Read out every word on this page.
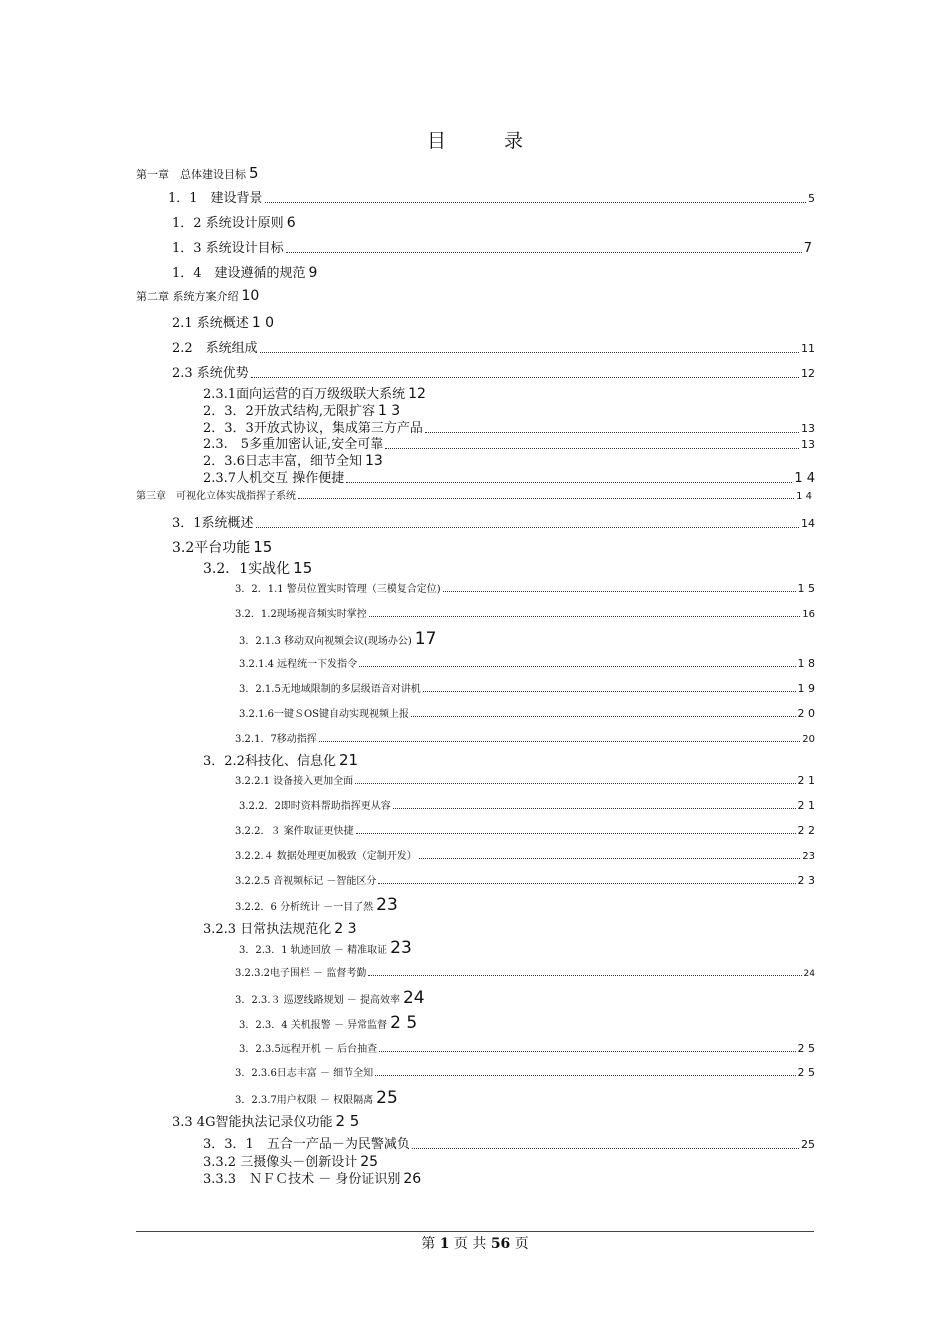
目 录
第一章　总体建设目标 5
1．1　建设背景	5
1．2 系统设计原则 6
1．3 系统设计目标	7
1．4　建设遵循的规范 9
第二章 系统方案介绍 10
2.1 系统概述 1 0
2.2　系统组成	11
2.3 系统优势	12
2.3.1面向运营的百万级级联大系统 12
2．3．2开放式结构,无限扩容 1 3
2．3．3开放式协议，集成第三方产品	13
2.3.　5多重加密认证,安全可靠	13
2．3.6日志丰富，细节全知 13
2.3.7人机交互 操作便捷	1 4
第三章　可视化立体实战指挥子系统	1 4
3．1系统概述	14
3.2平台功能 15
3.2．1实战化 15
3．2．1.1 警员位置实时管理（三模复合定位)	1 5
3.2．1.2现场视音频实时掌控	16
3．2.1.3 移动双向视频会议(现场办公) 17
3.2.1.4 远程统一下发指令	1 8
3．2.1.5无地域限制的多层级语音对讲机	1 9
3.2.1.6一键ＳOS键自动实现视频上报	2 0
3.2.1．7移动指挥	20
3．2.2科技化、信息化 21
3.2.2.1 设备接入更加全面	2 1
3.2.2．2即时资料帮助指挥更从容	2 1
3.2.2．３ 案件取证更快捷	2 2
3.2.2.４ 数据处理更加极致（定制开发）	23
3.2.2.5 音视频标记 －智能区分	2 3
3.2.2．6 分析统计 －一目了然 23
3.2.3 日常执法规范化 2 3
3．2.3．1 轨迹回放 － 精准取证 23
3.2.3.2电子围栏 － 监督考勤	24
3．2.3.３ 巡逻线路规划 － 提高效率 24
3．2.3．4 关机报警 － 异常监督 2 5
3．2.3.5远程开机 － 后台抽查	2 5
3．2.3.6日志丰富 － 细节全知	2 5
3．2.3.7用户权限 － 权限隔离 25
3.3 4G智能执法记录仪功能 2 5
3．3．1　五合一产品－为民警减负	25
3.3.2 三摄像头－创新设计 25
3.3.3　ＮＦＣ技术 － 身份证识别 26
第 1 页 共 56 页
